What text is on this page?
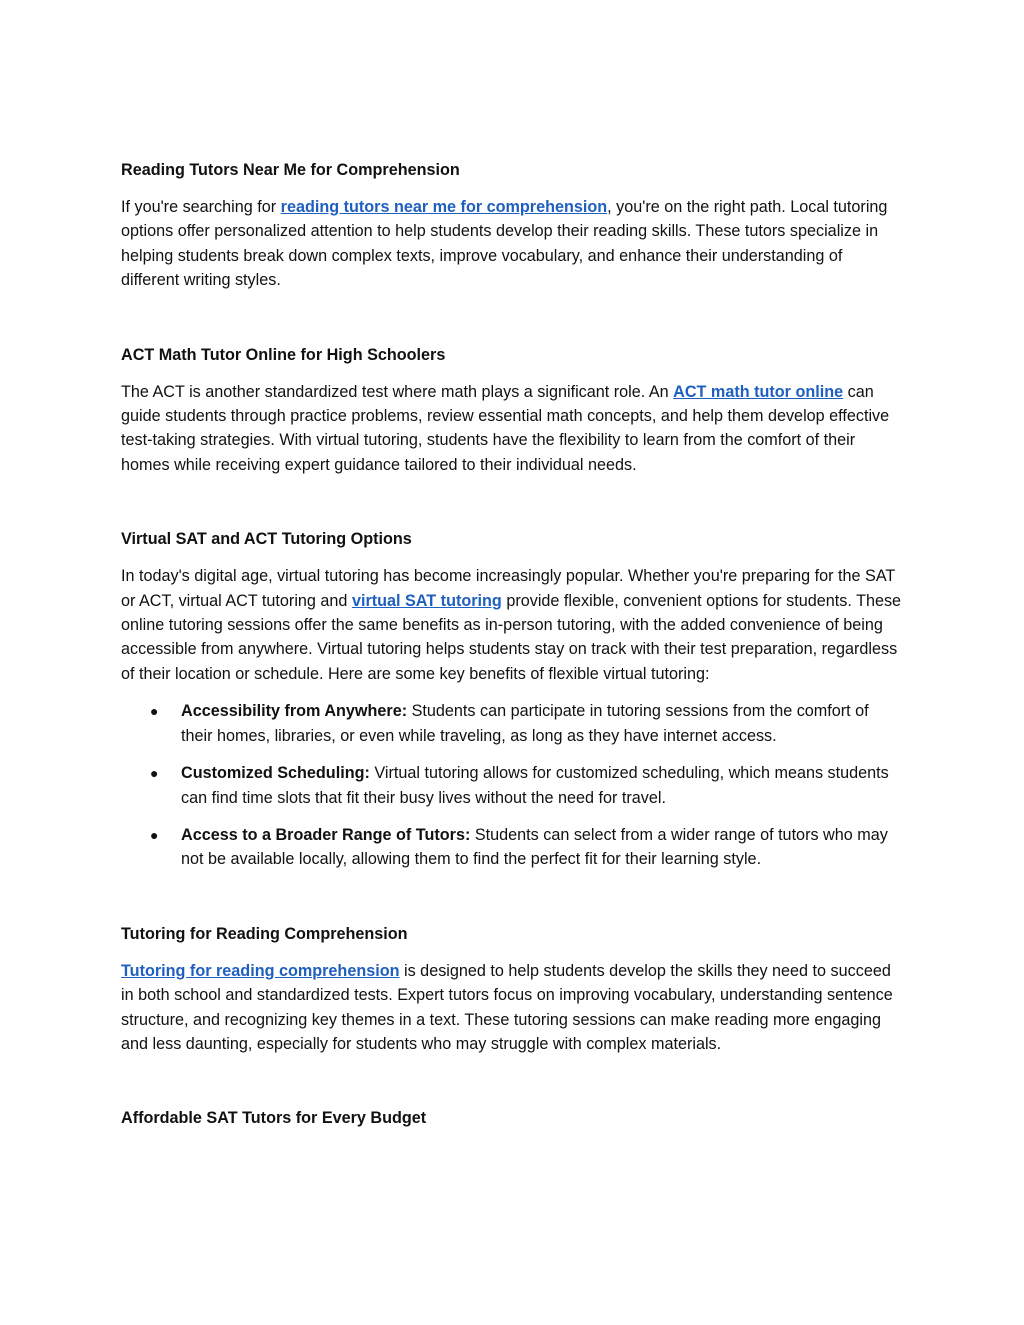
Reading Tutors Near Me for Comprehension

If you're searching for reading tutors near me for comprehension, you're on the right path. Local tutoring options offer personalized attention to help students develop their reading skills. These tutors specialize in helping students break down complex texts, improve vocabulary, and enhance their understanding of different writing styles.

ACT Math Tutor Online for High Schoolers

The ACT is another standardized test where math plays a significant role. An ACT math tutor online can guide students through practice problems, review essential math concepts, and help them develop effective test-taking strategies. With virtual tutoring, students have the flexibility to learn from the comfort of their homes while receiving expert guidance tailored to their individual needs.

Virtual SAT and ACT Tutoring Options

In today's digital age, virtual tutoring has become increasingly popular. Whether you're preparing for the SAT or ACT, virtual ACT tutoring and virtual SAT tutoring provide flexible, convenient options for students. These online tutoring sessions offer the same benefits as in-person tutoring, with the added convenience of being accessible from anywhere. Virtual tutoring helps students stay on track with their test preparation, regardless of their location or schedule. Here are some key benefits of flexible virtual tutoring:

● Accessibility from Anywhere: Students can participate in tutoring sessions from the comfort of their homes, libraries, or even while traveling, as long as they have internet access.
● Customized Scheduling: Virtual tutoring allows for customized scheduling, which means students can find time slots that fit their busy lives without the need for travel.
● Access to a Broader Range of Tutors: Students can select from a wider range of tutors who may not be available locally, allowing them to find the perfect fit for their learning style.
Tutoring for Reading Comprehension

Tutoring for reading comprehension is designed to help students develop the skills they need to succeed in both school and standardized tests. Expert tutors focus on improving vocabulary, understanding sentence structure, and recognizing key themes in a text. These tutoring sessions can make reading more engaging and less daunting, especially for students who may struggle with complex materials.

Affordable SAT Tutors for Every Budget
